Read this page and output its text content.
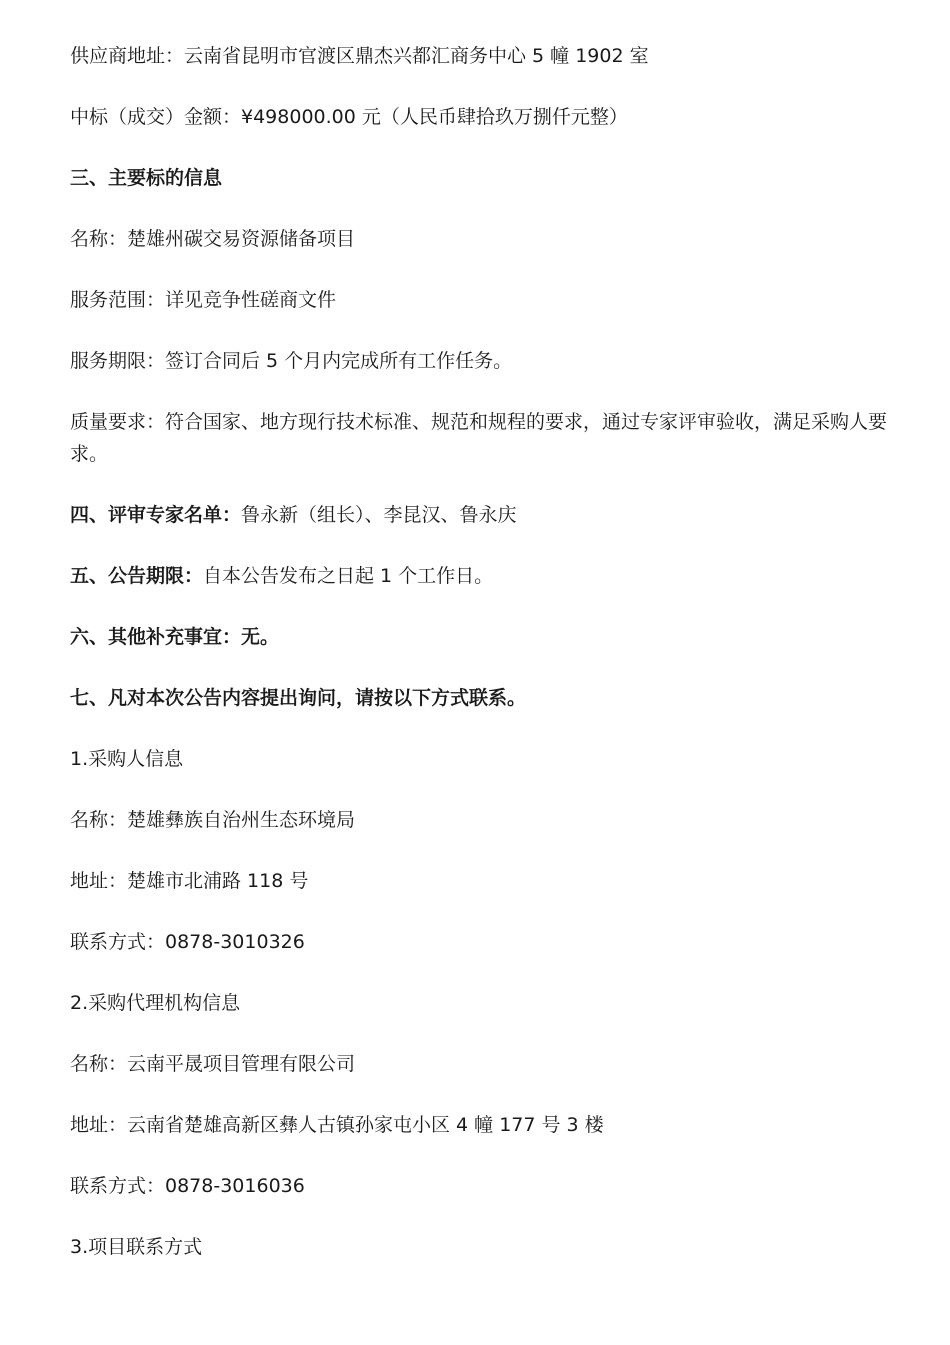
供应商地址：云南省昆明市官渡区鼎杰兴都汇商务中心 5 幢 1902 室

中标（成交）金额：¥498000.00 元（人民币肆拾玖万捌仟元整）

三、主要标的信息

名称：楚雄州碳交易资源储备项目

服务范围：详见竞争性磋商文件

服务期限：签订合同后 5 个月内完成所有工作任务。

质量要求：符合国家、地方现行技术标准、规范和规程的要求，通过专家评审验收，满足采购人要求。

四、评审专家名单：鲁永新（组长）、李昆汉、鲁永庆

五、公告期限：自本公告发布之日起 1 个工作日。

六、其他补充事宜：无。

七、凡对本次公告内容提出询问，请按以下方式联系。

1.采购人信息

名称：楚雄彝族自治州生态环境局

地址：楚雄市北浦路 118 号

联系方式：0878-3010326

2.采购代理机构信息

名称：云南平晟项目管理有限公司

地址：云南省楚雄高新区彝人古镇孙家屯小区 4 幢 177 号 3 楼

联系方式：0878-3016036

3.项目联系方式
